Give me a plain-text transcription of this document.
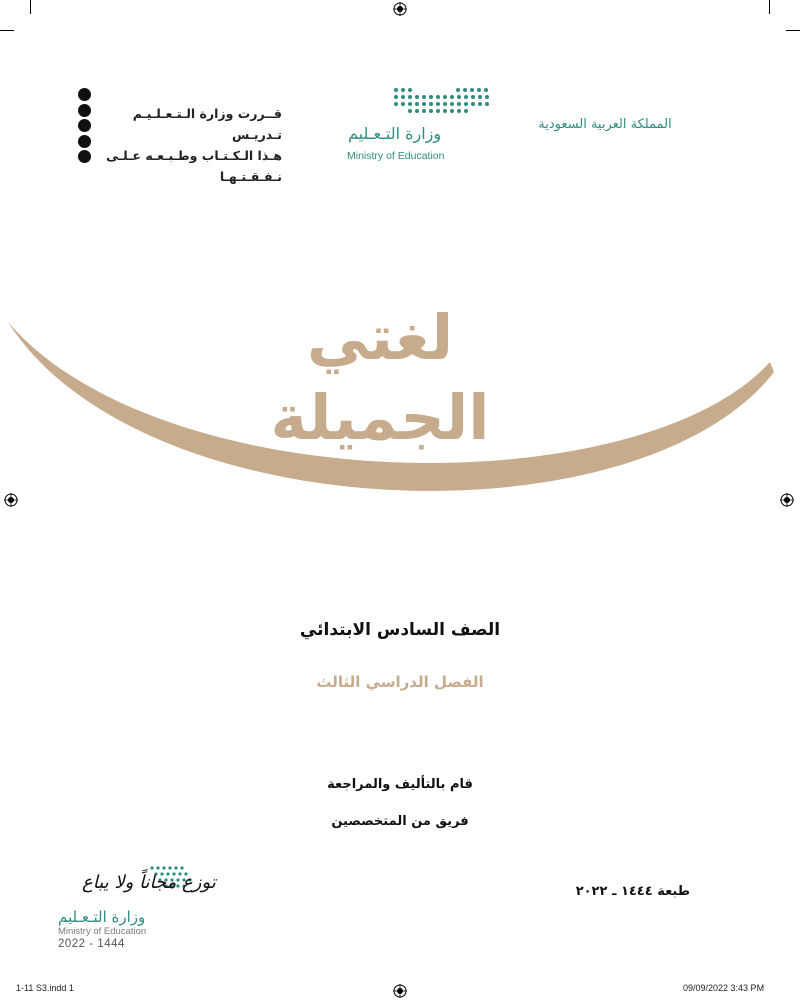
قــررت وزارة الـتـعـلـيـم تـدريـس
هـذا الـكـتـاب وطـبـعـه عـلـى نـفـقـتـهـا
وزارة التـعـليم
Ministry of Education
المملكة العربية السعودية
لغتي الجميلة
الصف السادس الابتدائي
الفصل الدراسي الثالث
قام بالتأليف والمراجعة
فريق من المتخصصين
طبعة ١٤٤٤ ـ ٢٠٢٢
توزع مجاناً ولا يباع
وزارة التـعـليم
Ministry of Education
2022 - 1444
1-11 S3.indd 1	09/09/2022 3:43 PM
